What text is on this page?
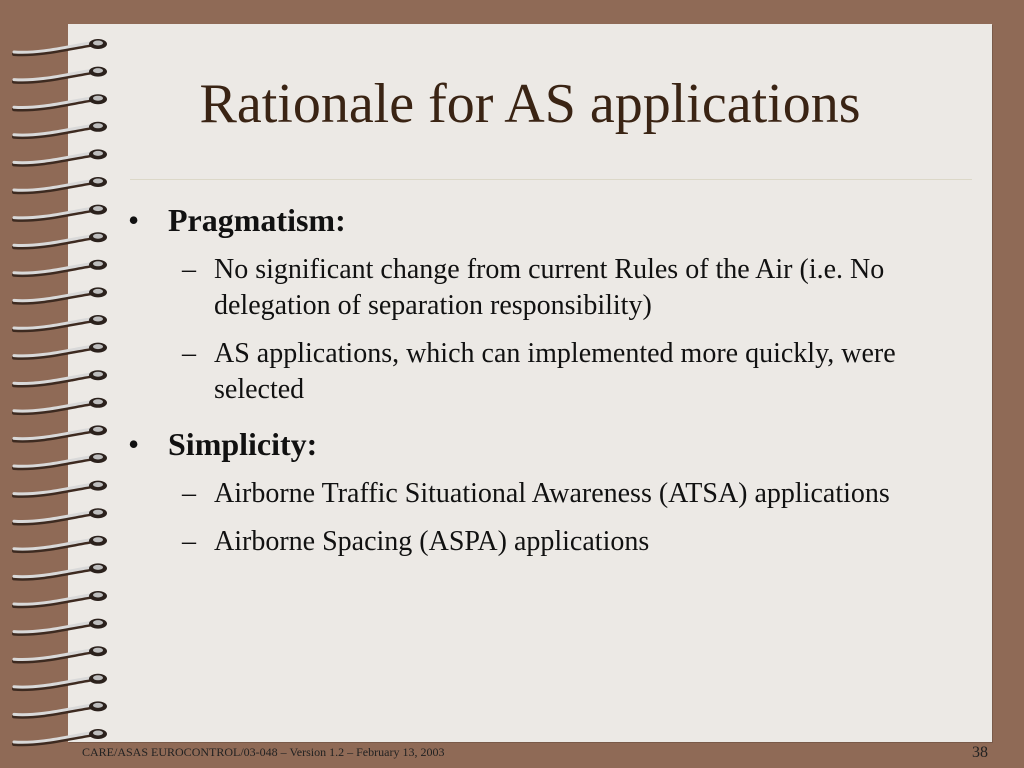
Rationale for AS applications
• Pragmatism:
– No significant change from current Rules of the Air (i.e. No delegation of separation responsibility)
– AS applications, which can implemented more quickly, were selected
• Simplicity:
– Airborne Traffic Situational Awareness (ATSA) applications
– Airborne Spacing (ASPA) applications
CARE/ASAS EUROCONTROL/03-048 – Version 1.2 – February 13, 2003	38
